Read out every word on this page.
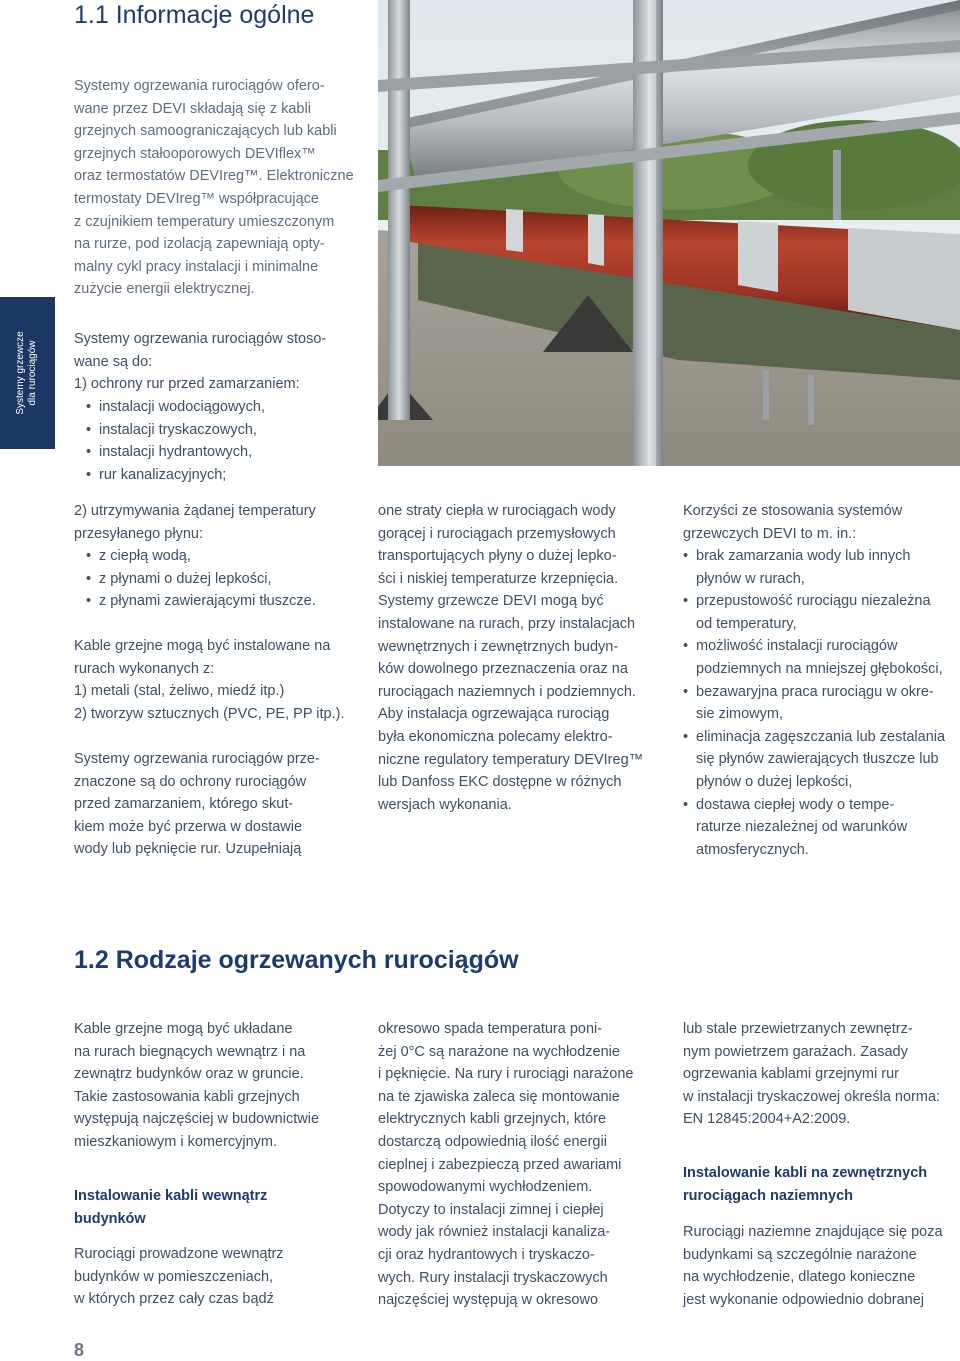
1.1 Informacje ogólne
Systemy grzewcze dla rurociągów

Systemy ogrzewania rurociągów ofero-
wane przez DEVI składają się z kabli
grzejnych samoograniczających lub kabli
grzejnych stałooporowych DEVIflex™
oraz termostatów DEVIreg™. Elektroniczne
termostaty DEVIreg™ współpracujące
z czujnikiem temperatury umieszczonym
na rurze, pod izolacją zapewniają opty-
malny cykl pracy instalacji i minimalne
zużycie energii elektrycznej.

Systemy ogrzewania rurociągów stoso-
wane są do:
1) ochrony rur przed zamarzaniem:

• instalacji wodociągowych,
• instalacji tryskaczowych,
• instalacji hydrantowych,
• rur kanalizacyjnych;

2) utrzymywania żądanej temperatury
przesyłanego płynu:

• z ciepłą wodą,
• z płynami o dużej lepkości,
• z płynami zawierającymi tłuszcze.

Kable grzejne mogą być instalowane na
rurach wykonanych z:
1) metali (stal, żeliwo, miedź itp.)
2) tworzyw sztucznych (PVC, PE, PP itp.).

Systemy ogrzewania rurociągów prze-
znaczone są do ochrony rurociągów
przed zamarzaniem, którego skut-
kiem może być przerwa w dostawie
wody lub pęknięcie rur. Uzupełniają

one straty ciepła w rurociągach wody
gorącej i rurociągach przemysłowych
transportujących płyny o dużej lepko-
ści i niskiej temperaturze krzepnięcia.
Systemy grzewcze DEVI mogą być
instalowane na rurach, przy instalacjach
wewnętrznych i zewnętrznych budyn-
ków dowolnego przeznaczenia oraz na
rurociągach naziemnych i podziemnych.
Aby instalacja ogrzewająca rurociąg
była ekonomiczna polecamy elektro-
niczne regulatory temperatury DEVIreg™
lub Danfoss EKC dostępne w różnych
wersjach wykonania.

Korzyści ze stosowania systemów
grzewczych DEVI to m. in.:

• brak zamarzania wody lub innych
płynów w rurach,
• przepustowość rurociągu niezależna
od temperatury,
• możliwość instalacji rurociągów
podziemnych na mniejszej głębokości,
• bezawaryjna praca rurociągu w okre-
sie zimowym,
• eliminacja zagęszczania lub zestalania
się płynów zawierających tłuszcze lub
płynów o dużej lepkości,
• dostawa ciepłej wody o tempe-
raturze niezależnej od warunków
atmosferycznych.
1.2 Rodzaje ogrzewanych rurociągów

Kable grzejne mogą być układane
na rurach biegnących wewnątrz i na
zewnątrz budynków oraz w gruncie.
Takie zastosowania kabli grzejnych
występują najczęściej w budownictwie
mieszkaniowym i komercyjnym.

Instalowanie kabli wewnątrz
budynków

Rurociągi prowadzone wewnątrz
budynków w pomieszczeniach,
w których przez cały czas bądź

okresowo spada temperatura poni-
żej 0°C są narażone na wychłodzenie
i pęknięcie. Na rury i rurociągi narażone
na te zjawiska zaleca się montowanie
elektrycznych kabli grzejnych, które
dostarczą odpowiednią ilość energii
cieplnej i zabezpieczą przed awariami
spowodowanymi wychłodzeniem.
Dotyczy to instalacji zimnej i ciepłej
wody jak również instalacji kanaliza-
cji oraz hydrantowych i tryskaczo-
wych. Rury instalacji tryskaczowych
najczęściej występują w okresowo

lub stale przewietrzanych zewnętrz-
nym powietrzem garażach. Zasady
ogrzewania kablami grzejnymi rur
w instalacji tryskaczowej określa norma:
EN 12845:2004+A2:2009.

Instalowanie kabli na zewnętrznych
rurociągach naziemnych

Rurociągi naziemne znajdujące się poza
budynkami są szczególnie narażone
na wychłodzenie, dlatego konieczne
jest wykonanie odpowiednio dobranej

8
